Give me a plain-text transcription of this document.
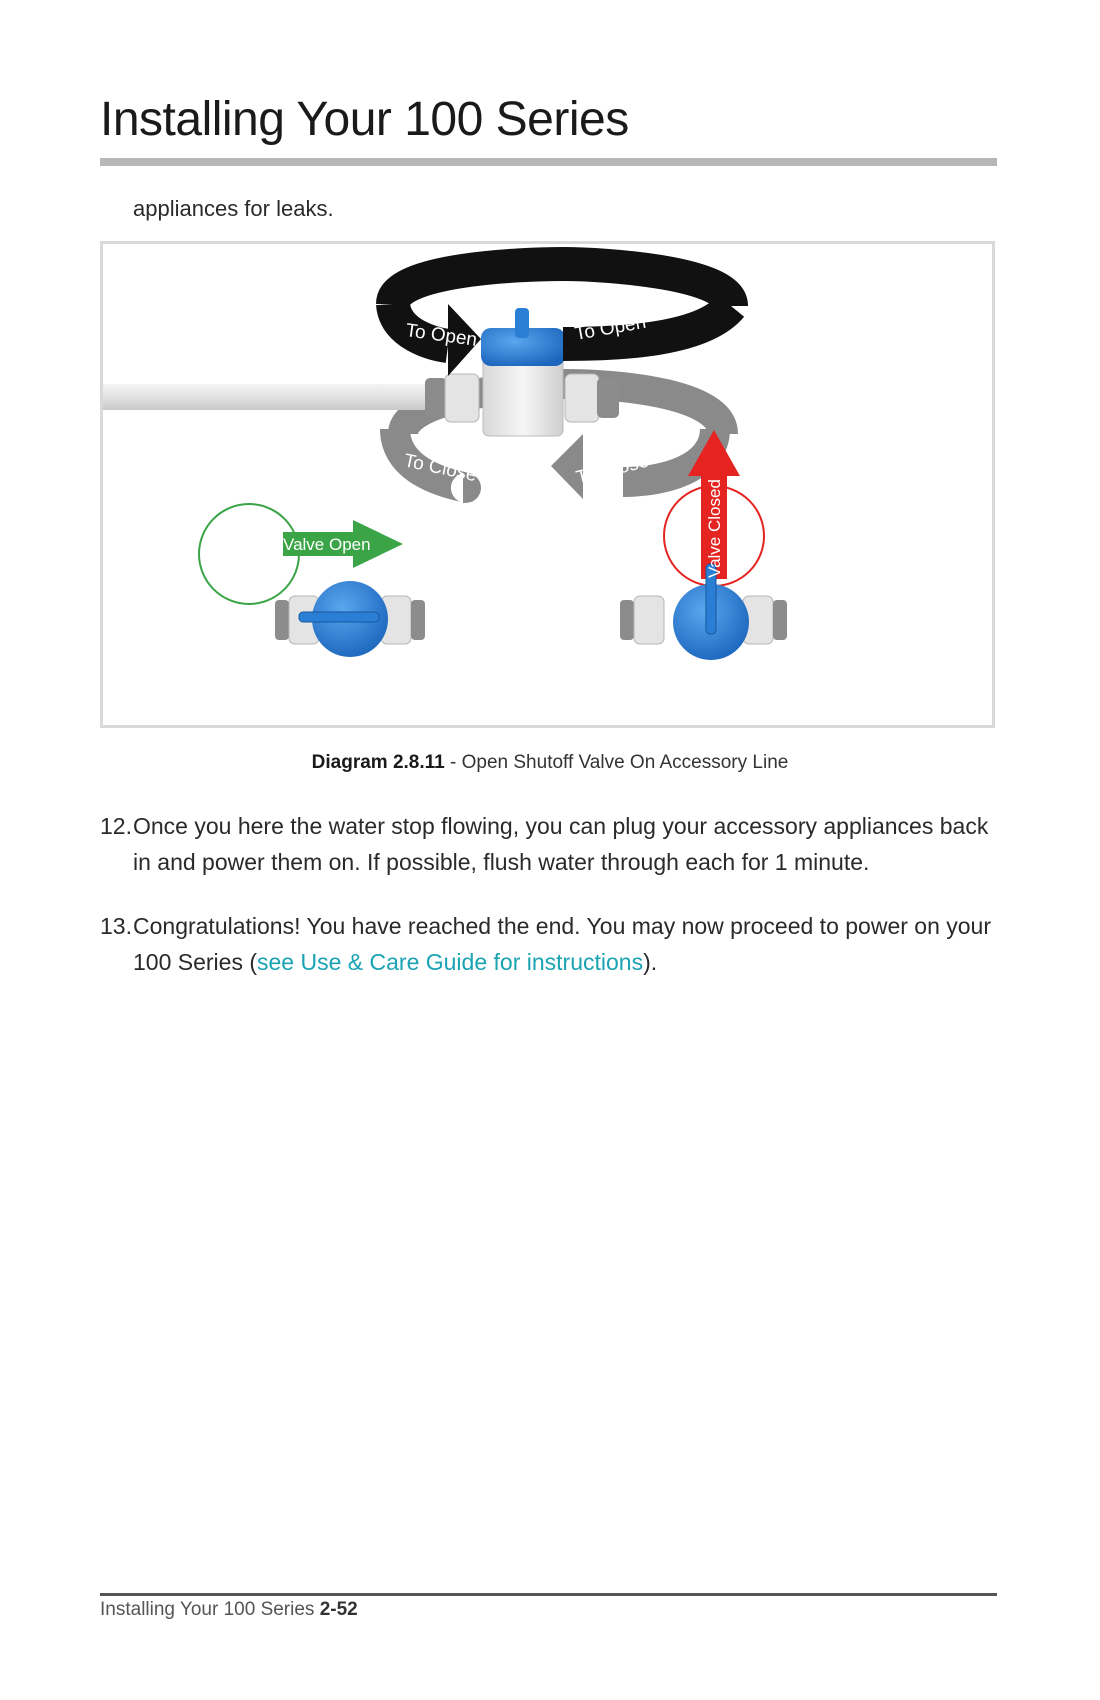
Installing Your 100 Series

appliances for leaks.

To Open	To Open
To Close	To Close
Valve Open	Valve Closed
Diagram 2.8.11 - Open Shutoff Valve On Accessory Line
12. Once you here the water stop flowing, you can plug your accessory appliances back in and power them on. If possible, flush water through each for 1 minute.
13. Congratulations! You have reached the end. You may now proceed to power on your 100 Series (see Use & Care Guide for instructions).
Installing Your 100 Series 2-52
